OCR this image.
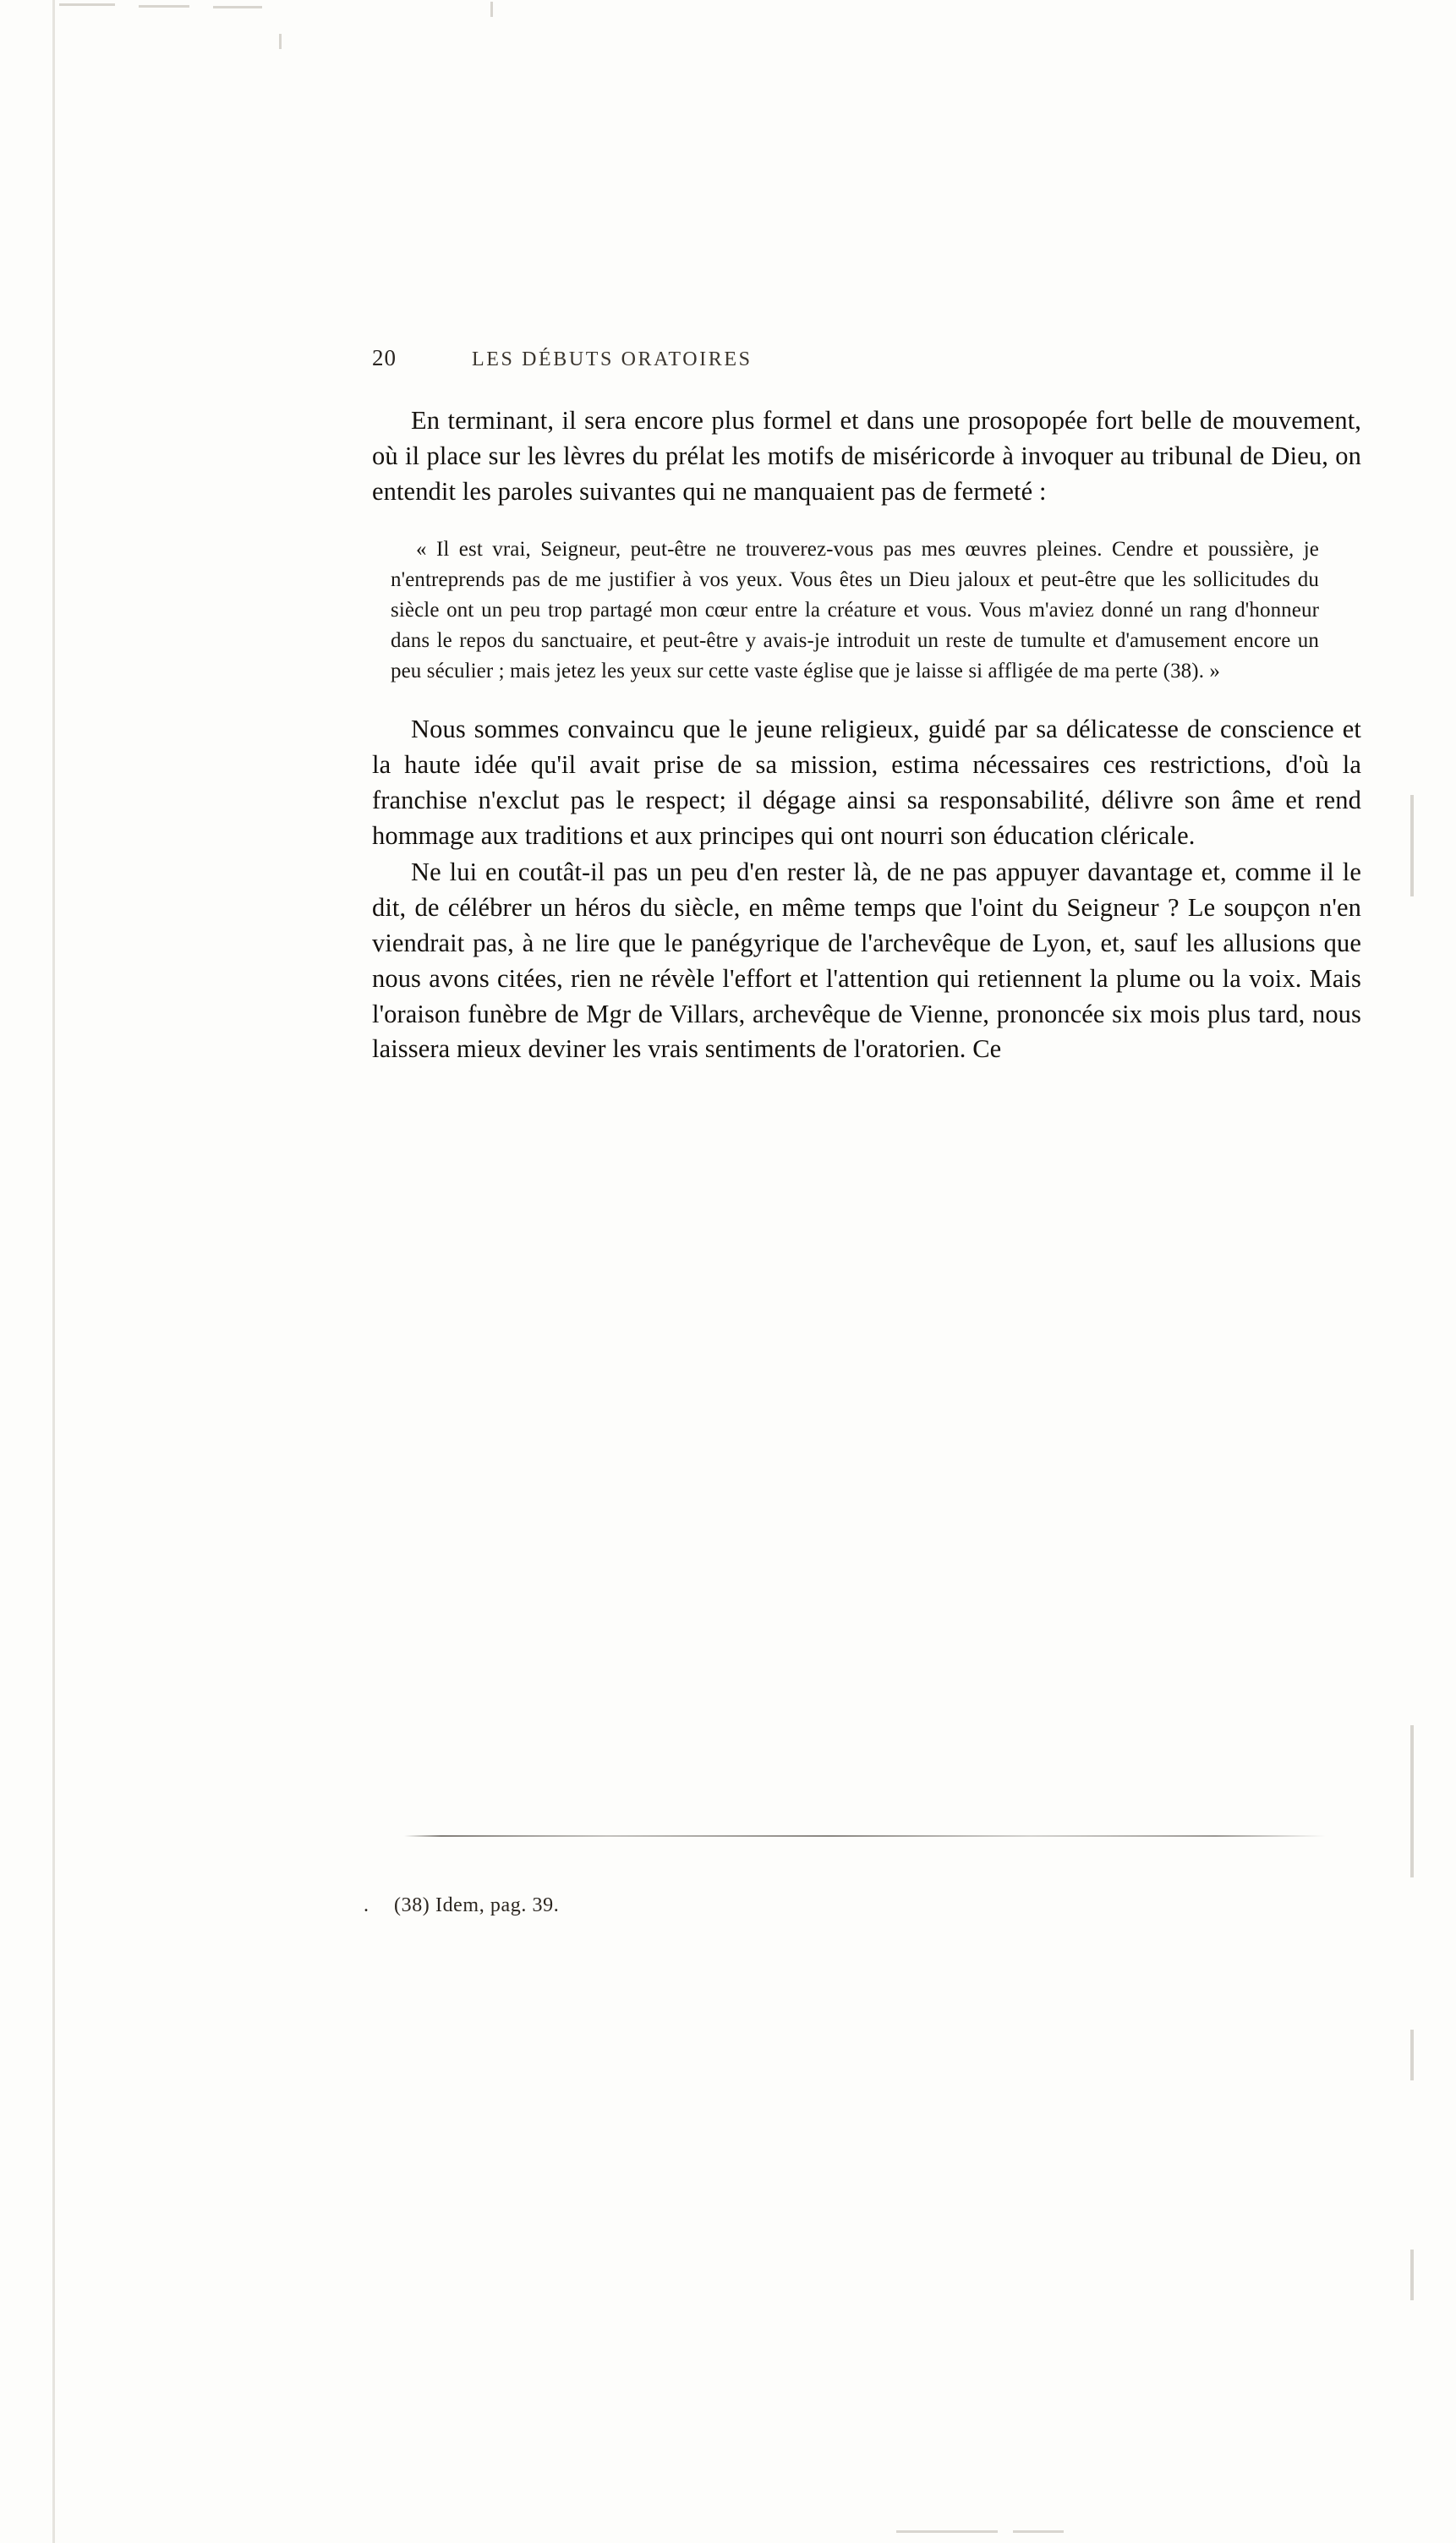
20	LES DÉBUTS ORATOIRES

En terminant, il sera encore plus formel et dans une prosopopée fort belle de mouvement, où il place sur les lèvres du prélat les motifs de miséricorde à invoquer au tribunal de Dieu, on entendit les paroles suivantes qui ne manquaient pas de fermeté :

« Il est vrai, Seigneur, peut-être ne trouverez-vous pas mes œuvres pleines. Cendre et poussière, je n'entreprends pas de me justifier à vos yeux. Vous êtes un Dieu jaloux et peut-être que les sollicitudes du siècle ont un peu trop partagé mon cœur entre la créature et vous. Vous m'aviez donné un rang d'honneur dans le repos du sanctuaire, et peut-être y avais-je introduit un reste de tumulte et d'amusement encore un peu séculier ; mais jetez les yeux sur cette vaste église que je laisse si affligée de ma perte (38). »

Nous sommes convaincu que le jeune religieux, guidé par sa délicatesse de conscience et la haute idée qu'il avait prise de sa mission, estima nécessaires ces restrictions, d'où la franchise n'exclut pas le respect; il dégage ainsi sa responsabilité, délivre son âme et rend hommage aux traditions et aux principes qui ont nourri son éducation cléricale.

Ne lui en coutât-il pas un peu d'en rester là, de ne pas appuyer davantage et, comme il le dit, de célébrer un héros du siècle, en même temps que l'oint du Seigneur ? Le soupçon n'en viendrait pas, à ne lire que le panégyrique de l'archevêque de Lyon, et, sauf les allusions que nous avons citées, rien ne révèle l'effort et l'attention qui retiennent la plume ou la voix. Mais l'oraison funèbre de Mgr de Villars, archevêque de Vienne, prononcée six mois plus tard, nous laissera mieux deviner les vrais sentiments de l'oratorien. Ce

. (38) Idem, pag. 39.
